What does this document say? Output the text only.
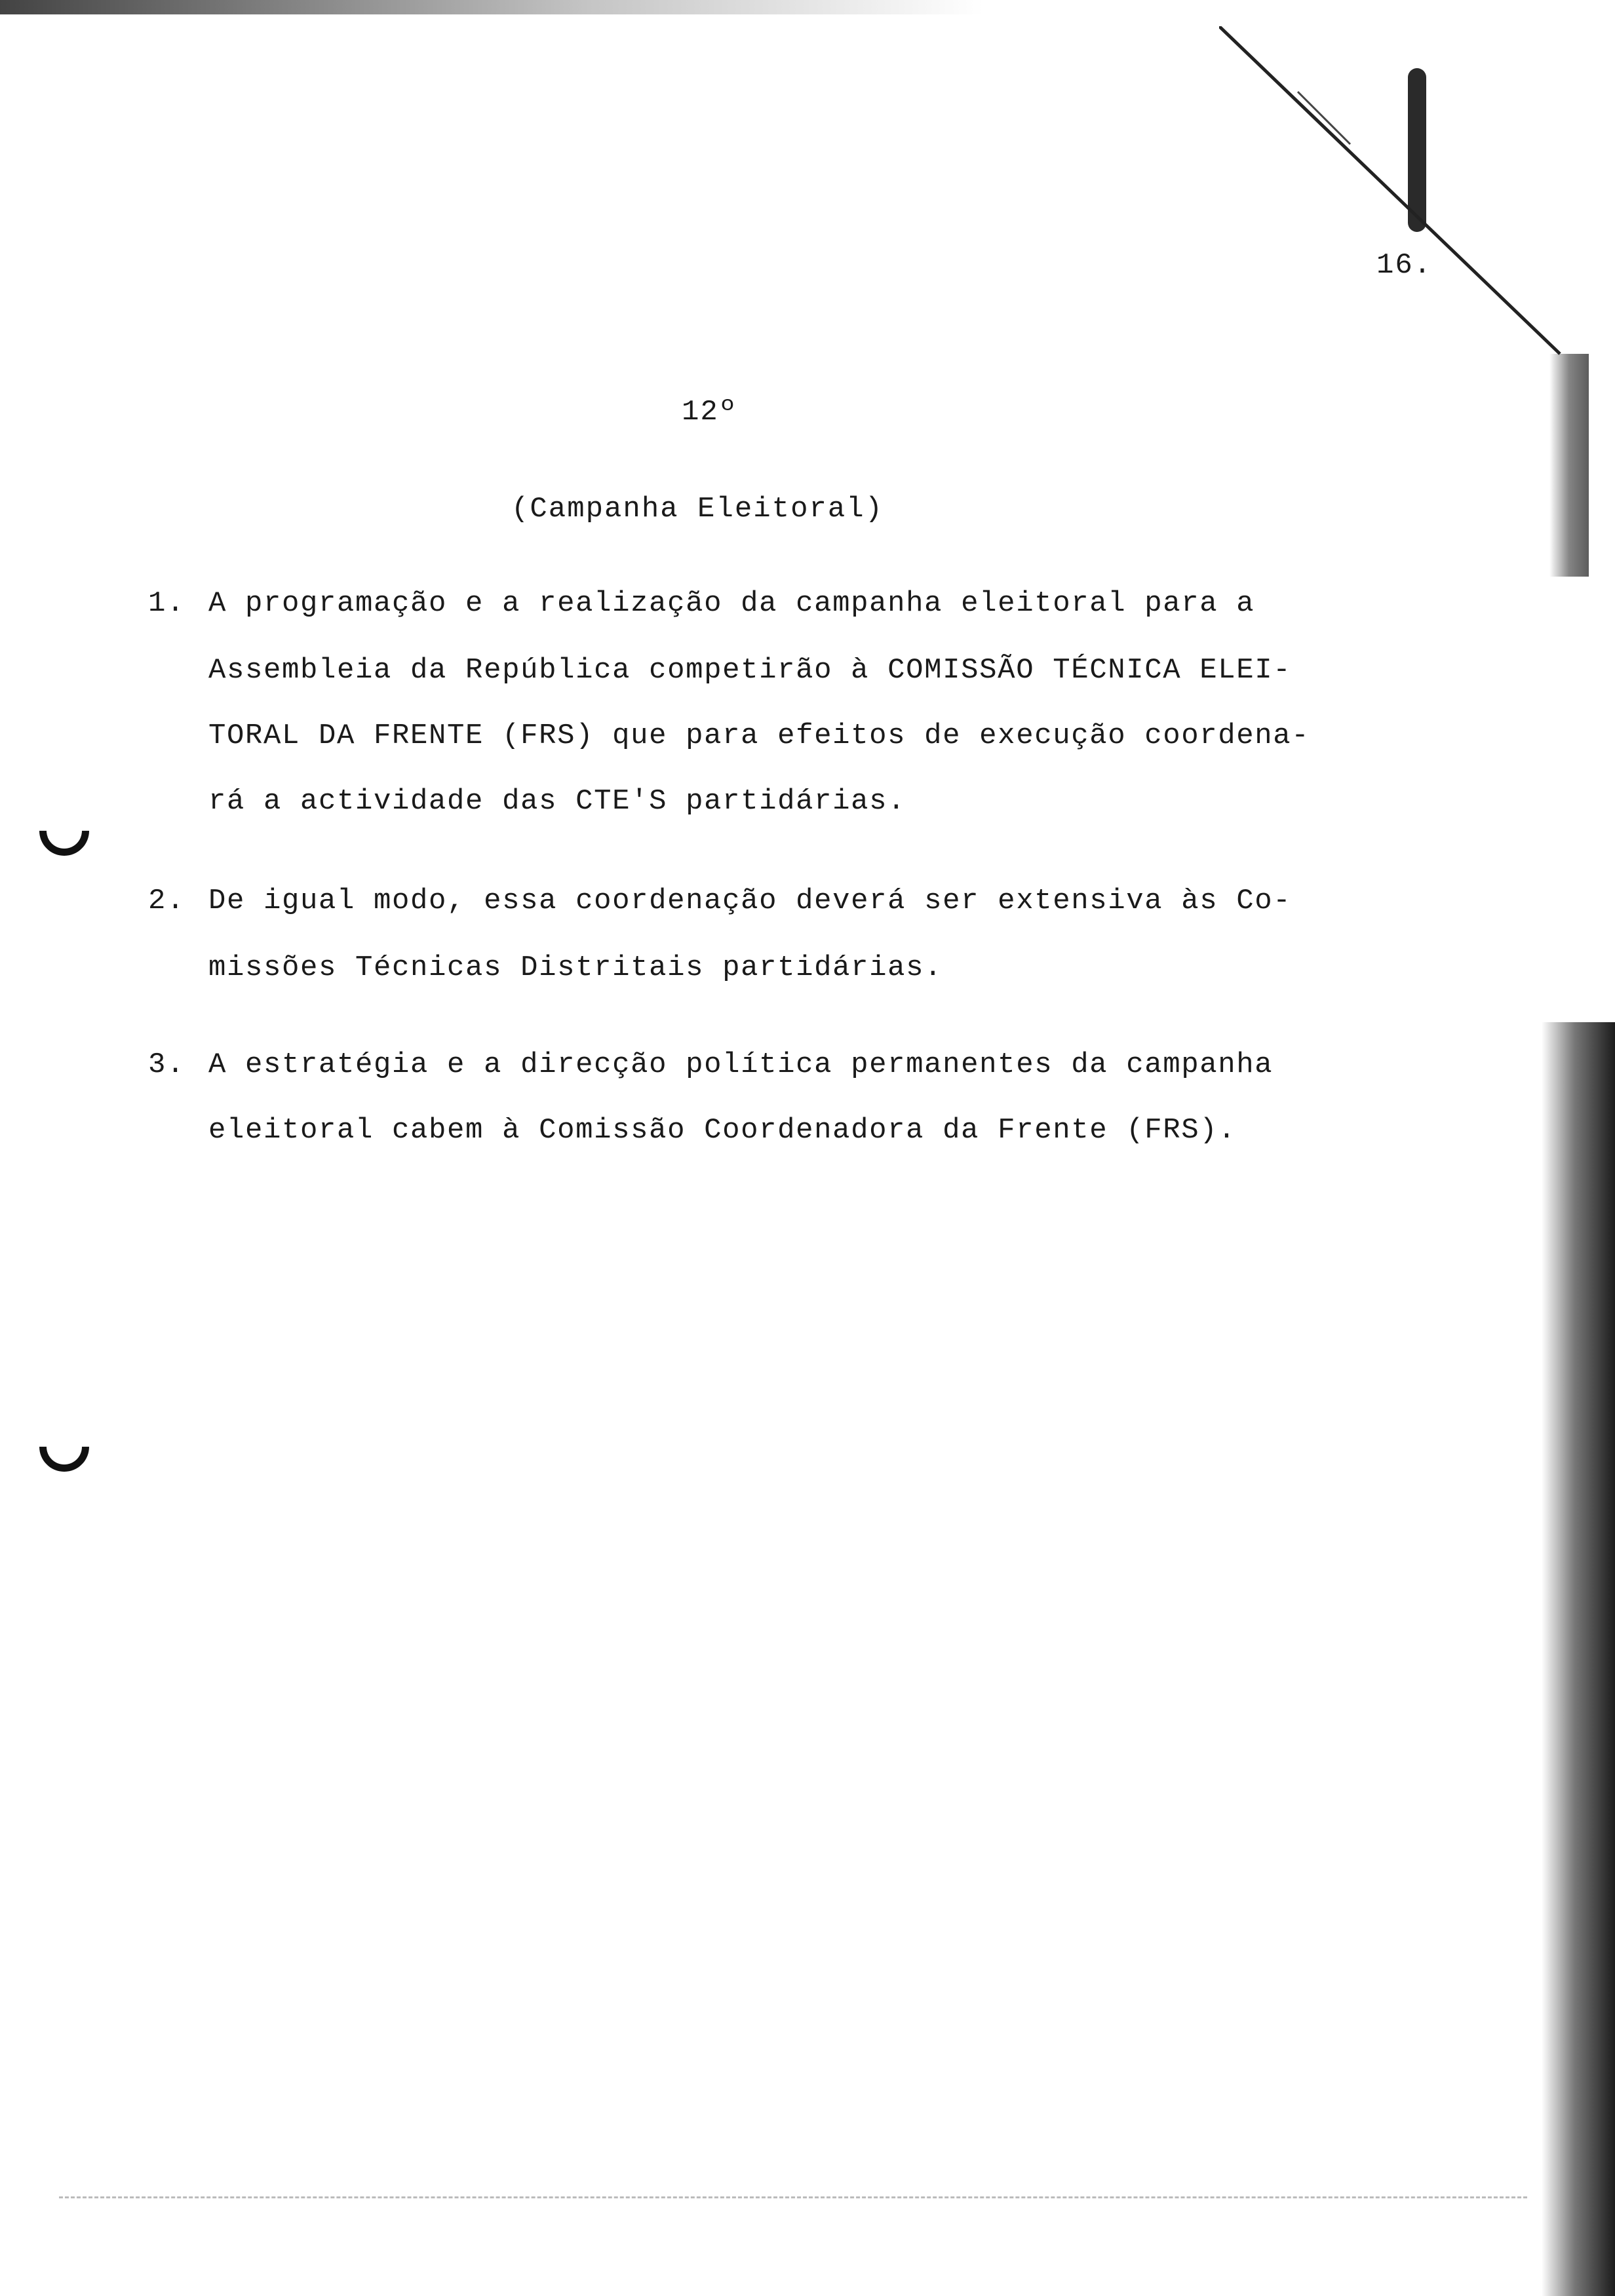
16.
12º
(Campanha Eleitoral)
1. A programação e a realização da campanha eleitoral para a
Assembleia da República competirão à COMISSÃO TÉCNICA ELEI-
TORAL DA FRENTE (FRS) que para efeitos de execução coordena-
rá a actividade das CTE'S partidárias.
2. De igual modo, essa coordenação deverá ser extensiva às Co-
missões Técnicas Distritais partidárias.
3. A estratégia e a direcção política permanentes da campanha
eleitoral cabem à Comissão Coordenadora da Frente (FRS).
